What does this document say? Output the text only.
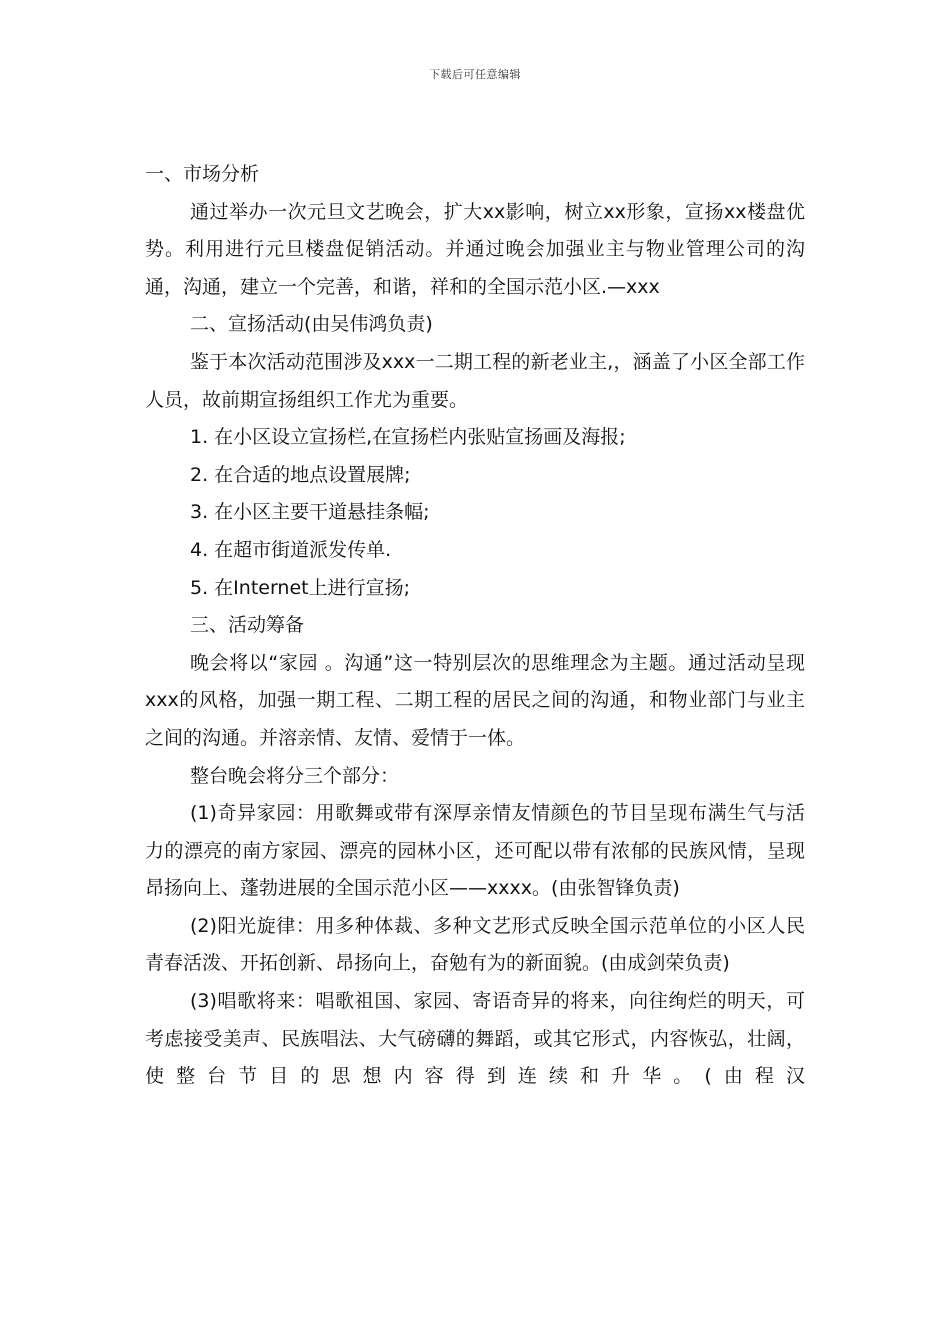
下载后可任意编辑

一、市场分析

通过举办一次元旦文艺晚会，扩大xx影响，树立xx形象，宣扬xx楼盘优势。利用进行元旦楼盘促销活动。并通过晚会加强业主与物业管理公司的沟通，沟通，建立一个完善，和谐，祥和的全国示范小区.—xxx

二、宣扬活动(由吴伟鸿负责)

鉴于本次活动范围涉及xxx一二期工程的新老业主,，涵盖了小区全部工作人员，故前期宣扬组织工作尤为重要。

1. 在小区设立宣扬栏,在宣扬栏内张贴宣扬画及海报;

2. 在合适的地点设置展牌;

3. 在小区主要干道悬挂条幅;

4. 在超市街道派发传单.

5. 在Internet上进行宣扬;

三、活动筹备

晚会将以“家园 。沟通”这一特别层次的思维理念为主题。通过活动呈现xxx的风格，加强一期工程、二期工程的居民之间的沟通，和物业部门与业主之间的沟通。并溶亲情、友情、爱情于一体。

整台晚会将分三个部分：

(1)奇异家园：用歌舞或带有深厚亲情友情颜色的节目呈现布满生气与活力的漂亮的南方家园、漂亮的园林小区，还可配以带有浓郁的民族风情，呈现昂扬向上、蓬勃进展的全国示范小区——xxxx。(由张智锋负责)

(2)阳光旋律：用多种体裁、多种文艺形式反映全国示范单位的小区人民青春活泼、开拓创新、昂扬向上，奋勉有为的新面貌。(由成剑荣负责)

(3)唱歌将来：唱歌祖国、家园、寄语奇异的将来，向往绚烂的明天，可考虑接受美声、民族唱法、大气磅礴的舞蹈，或其它形式，内容恢弘，壮阔，使整台节目的思想内容得到连续和升华。(由程汉
